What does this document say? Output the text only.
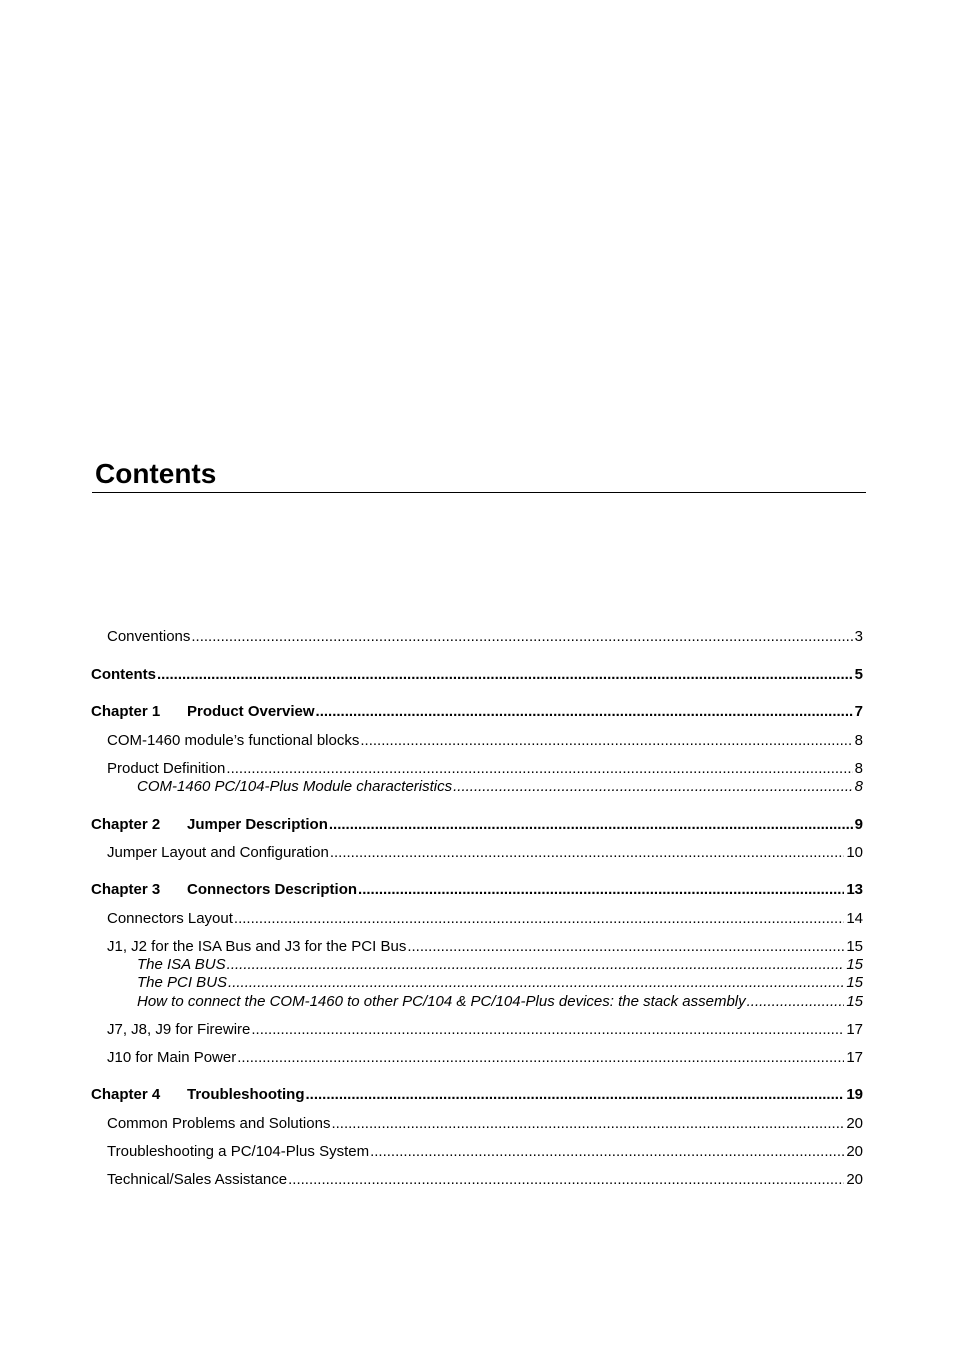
Contents
Conventions .....	3
Contents .....	5
Chapter 1	Product Overview .....	7
COM-1460 module’s functional blocks .....	8
Product Definition .....	8
COM-1460 PC/104-Plus Module characteristics .....	8
Chapter 2	Jumper Description .....	9
Jumper Layout and Configuration .....	10
Chapter 3	Connectors Description .....	13
Connectors Layout .....	14
J1, J2 for the ISA Bus and J3 for the PCI Bus .....	15
The ISA BUS .....	15
The PCI BUS .....	15
How to connect the COM-1460 to other PC/104 & PC/104-Plus devices: the stack assembly .....	15
J7, J8, J9 for Firewire .....	17
J10 for Main Power .....	17
Chapter 4	Troubleshooting .....	19
Common Problems and Solutions .....	20
Troubleshooting a PC/104-Plus System .....	20
Technical/Sales Assistance .....	20
